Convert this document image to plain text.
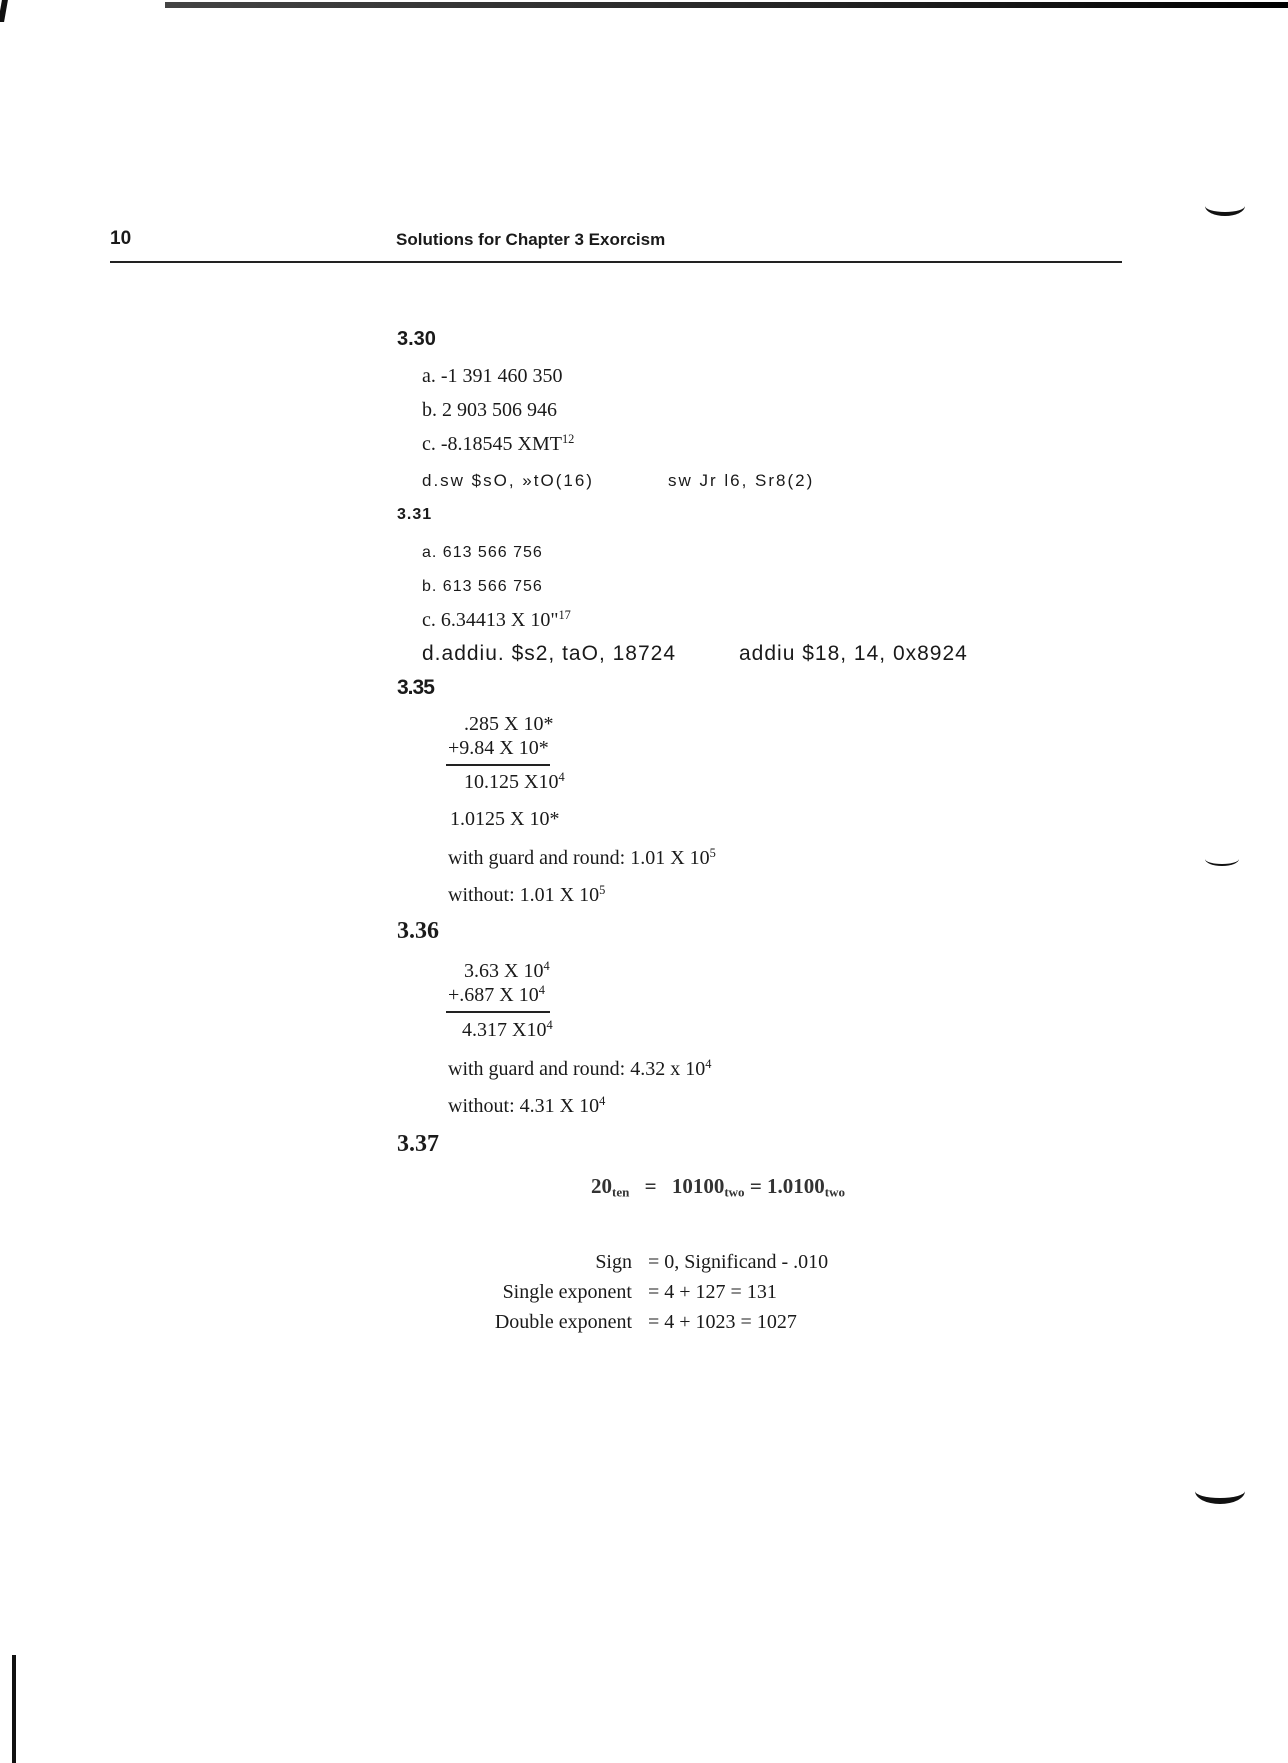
10	Solutions for Chapter 3 Exorcism
3.30
a. -1 391 460 350
b. 2 903 506 946
c. -8.18545 XMT$^{12}$
d.sw $sO, »tO(16)	sw Jr l6, Sr8(2)
3.31
a. 613 566 756
b. 613 566 756
c. 6.34413 X 10"$^{17}$
d.addiu. $s2, taO, 18724	addiu $18, 14, 0x8924
3.35
.285 X 10*
+9.84 X 10*
10.125 $X10^4$
1.0125 X 10*
with guard and round: 1.01 X $10^5$
without: 1.01 X $10^5$
3.36
3.63 X $10^4$
+.687 X $10^4$
4.317 $X10^4$
with guard and round: 4.32 x $10^4$
without: 4.31 X $10^4$
3.37
$20_{ten} = 10100_{two} = 1.0100_{two}$
Sign = 0, Significand - .010
Single exponent = 4 + 127 = 131
Double exponent = 4 + 1023 = 1027
